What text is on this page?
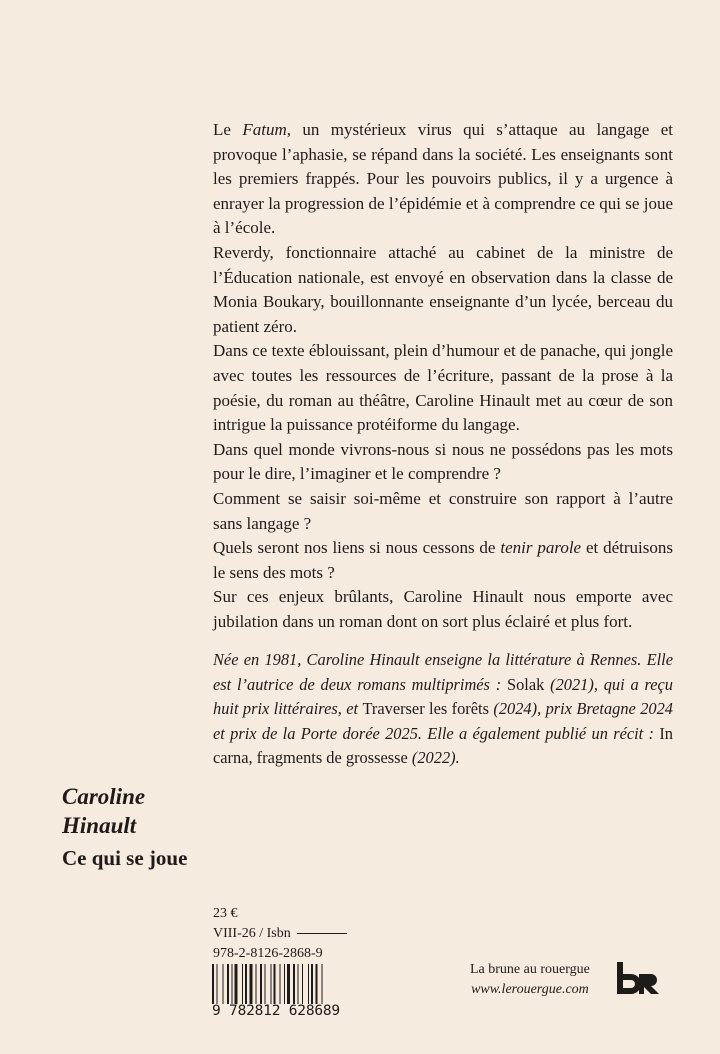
Le Fatum, un mystérieux virus qui s’attaque au langage et provoque l’aphasie, se répand dans la société. Les enseignants sont les premiers frappés. Pour les pouvoirs publics, il y a urgence à enrayer la progression de l’épidémie et à comprendre ce qui se joue à l’école.

Reverdy, fonctionnaire attaché au cabinet de la ministre de l’Éducation nationale, est envoyé en observation dans la classe de Monia Boukary, bouillonnante enseignante d’un lycée, berceau du patient zéro.

Dans ce texte éblouissant, plein d’humour et de panache, qui jongle avec toutes les ressources de l’écriture, passant de la prose à la poésie, du roman au théâtre, Caroline Hinault met au cœur de son intrigue la puissance protéiforme du langage.

Dans quel monde vivrons-nous si nous ne possédons pas les mots pour le dire, l’imaginer et le comprendre ?

Comment se saisir soi-même et construire son rapport à l’autre sans langage ?

Quels seront nos liens si nous cessons de tenir parole et détruisons le sens des mots ?

Sur ces enjeux brûlants, Caroline Hinault nous emporte avec jubilation dans un roman dont on sort plus éclairé et plus fort.

Née en 1981, Caroline Hinault enseigne la littérature à Rennes. Elle est l’autrice de deux romans multiprimés : Solak (2021), qui a reçu huit prix littéraires, et Traverser les forêts (2024), prix Bretagne 2024 et prix de la Porte dorée 2025. Elle a également publié un récit : In carna, fragments de grossesse (2022).

Caroline
Hinault
Ce qui se joue
23 €
VIII-26 / Isbn
978-2-8126-2868-9
9 782812 628689
La brune au rouergue
www.lerouergue.com
